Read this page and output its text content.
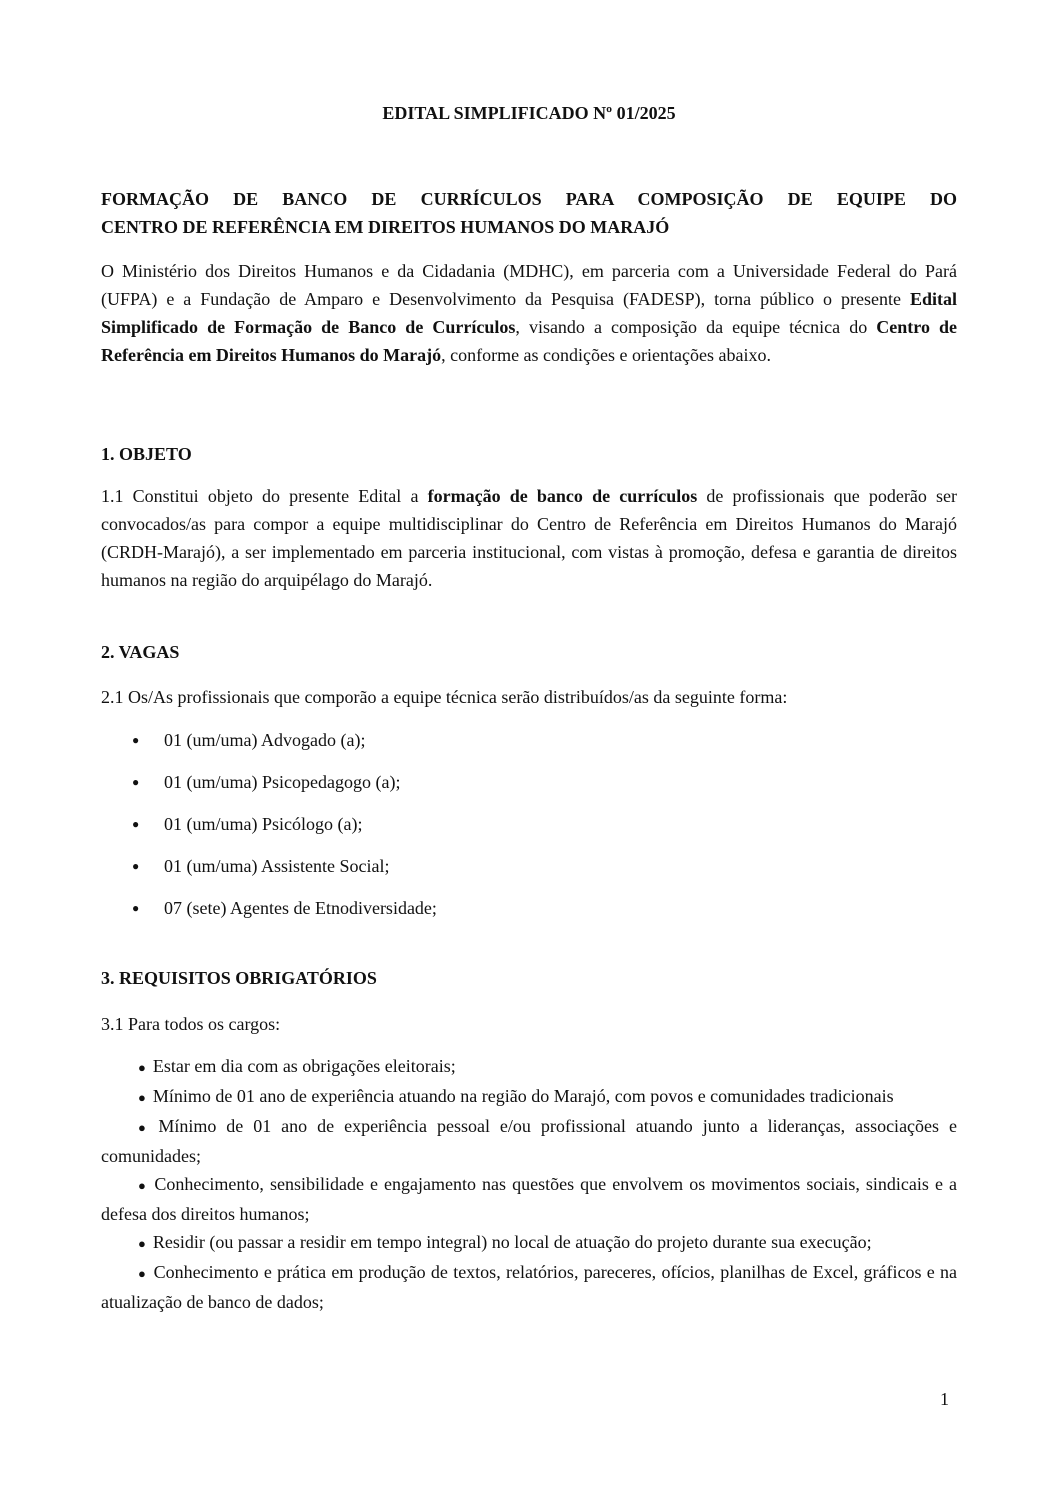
EDITAL SIMPLIFICADO Nº 01/2025
FORMAÇÃO DE BANCO DE CURRÍCULOS PARA COMPOSIÇÃO DE EQUIPE DO
CENTRO DE REFERÊNCIA EM DIREITOS HUMANOS DO MARAJÓ

O Ministério dos Direitos Humanos e da Cidadania (MDHC), em parceria com a Universidade Federal do Pará (UFPA) e a Fundação de Amparo e Desenvolvimento da Pesquisa (FADESP), torna público o presente Edital Simplificado de Formação de Banco de Currículos, visando a composição da equipe técnica do Centro de Referência em Direitos Humanos do Marajó, conforme as condições e orientações abaixo.

1. OBJETO

1.1 Constitui objeto do presente Edital a formação de banco de currículos de profissionais que poderão ser convocados/as para compor a equipe multidisciplinar do Centro de Referência em Direitos Humanos do Marajó (CRDH-Marajó), a ser implementado em parceria institucional, com vistas à promoção, defesa e garantia de direitos humanos na região do arquipélago do Marajó.

2. VAGAS

2.1 Os/As profissionais que comporão a equipe técnica serão distribuídos/as da seguinte forma:

● 01 (um/uma) Advogado (a);
● 01 (um/uma) Psicopedagogo (a);
● 01 (um/uma) Psicólogo (a);
● 01 (um/uma) Assistente Social;
● 07 (sete) Agentes de Etnodiversidade;
3. REQUISITOS OBRIGATÓRIOS

3.1 Para todos os cargos:

● Estar em dia com as obrigações eleitorais;
● Mínimo de 01 ano de experiência atuando na região do Marajó, com povos e comunidades tradicionais
● Mínimo de 01 ano de experiência pessoal e/ou profissional atuando junto a lideranças, associações e comunidades;
● Conhecimento, sensibilidade e engajamento nas questões que envolvem os movimentos sociais, sindicais e a defesa dos direitos humanos;
● Residir (ou passar a residir em tempo integral) no local de atuação do projeto durante sua execução;
● Conhecimento e prática em produção de textos, relatórios, pareceres, ofícios, planilhas de Excel, gráficos e na atualização de banco de dados;
1
